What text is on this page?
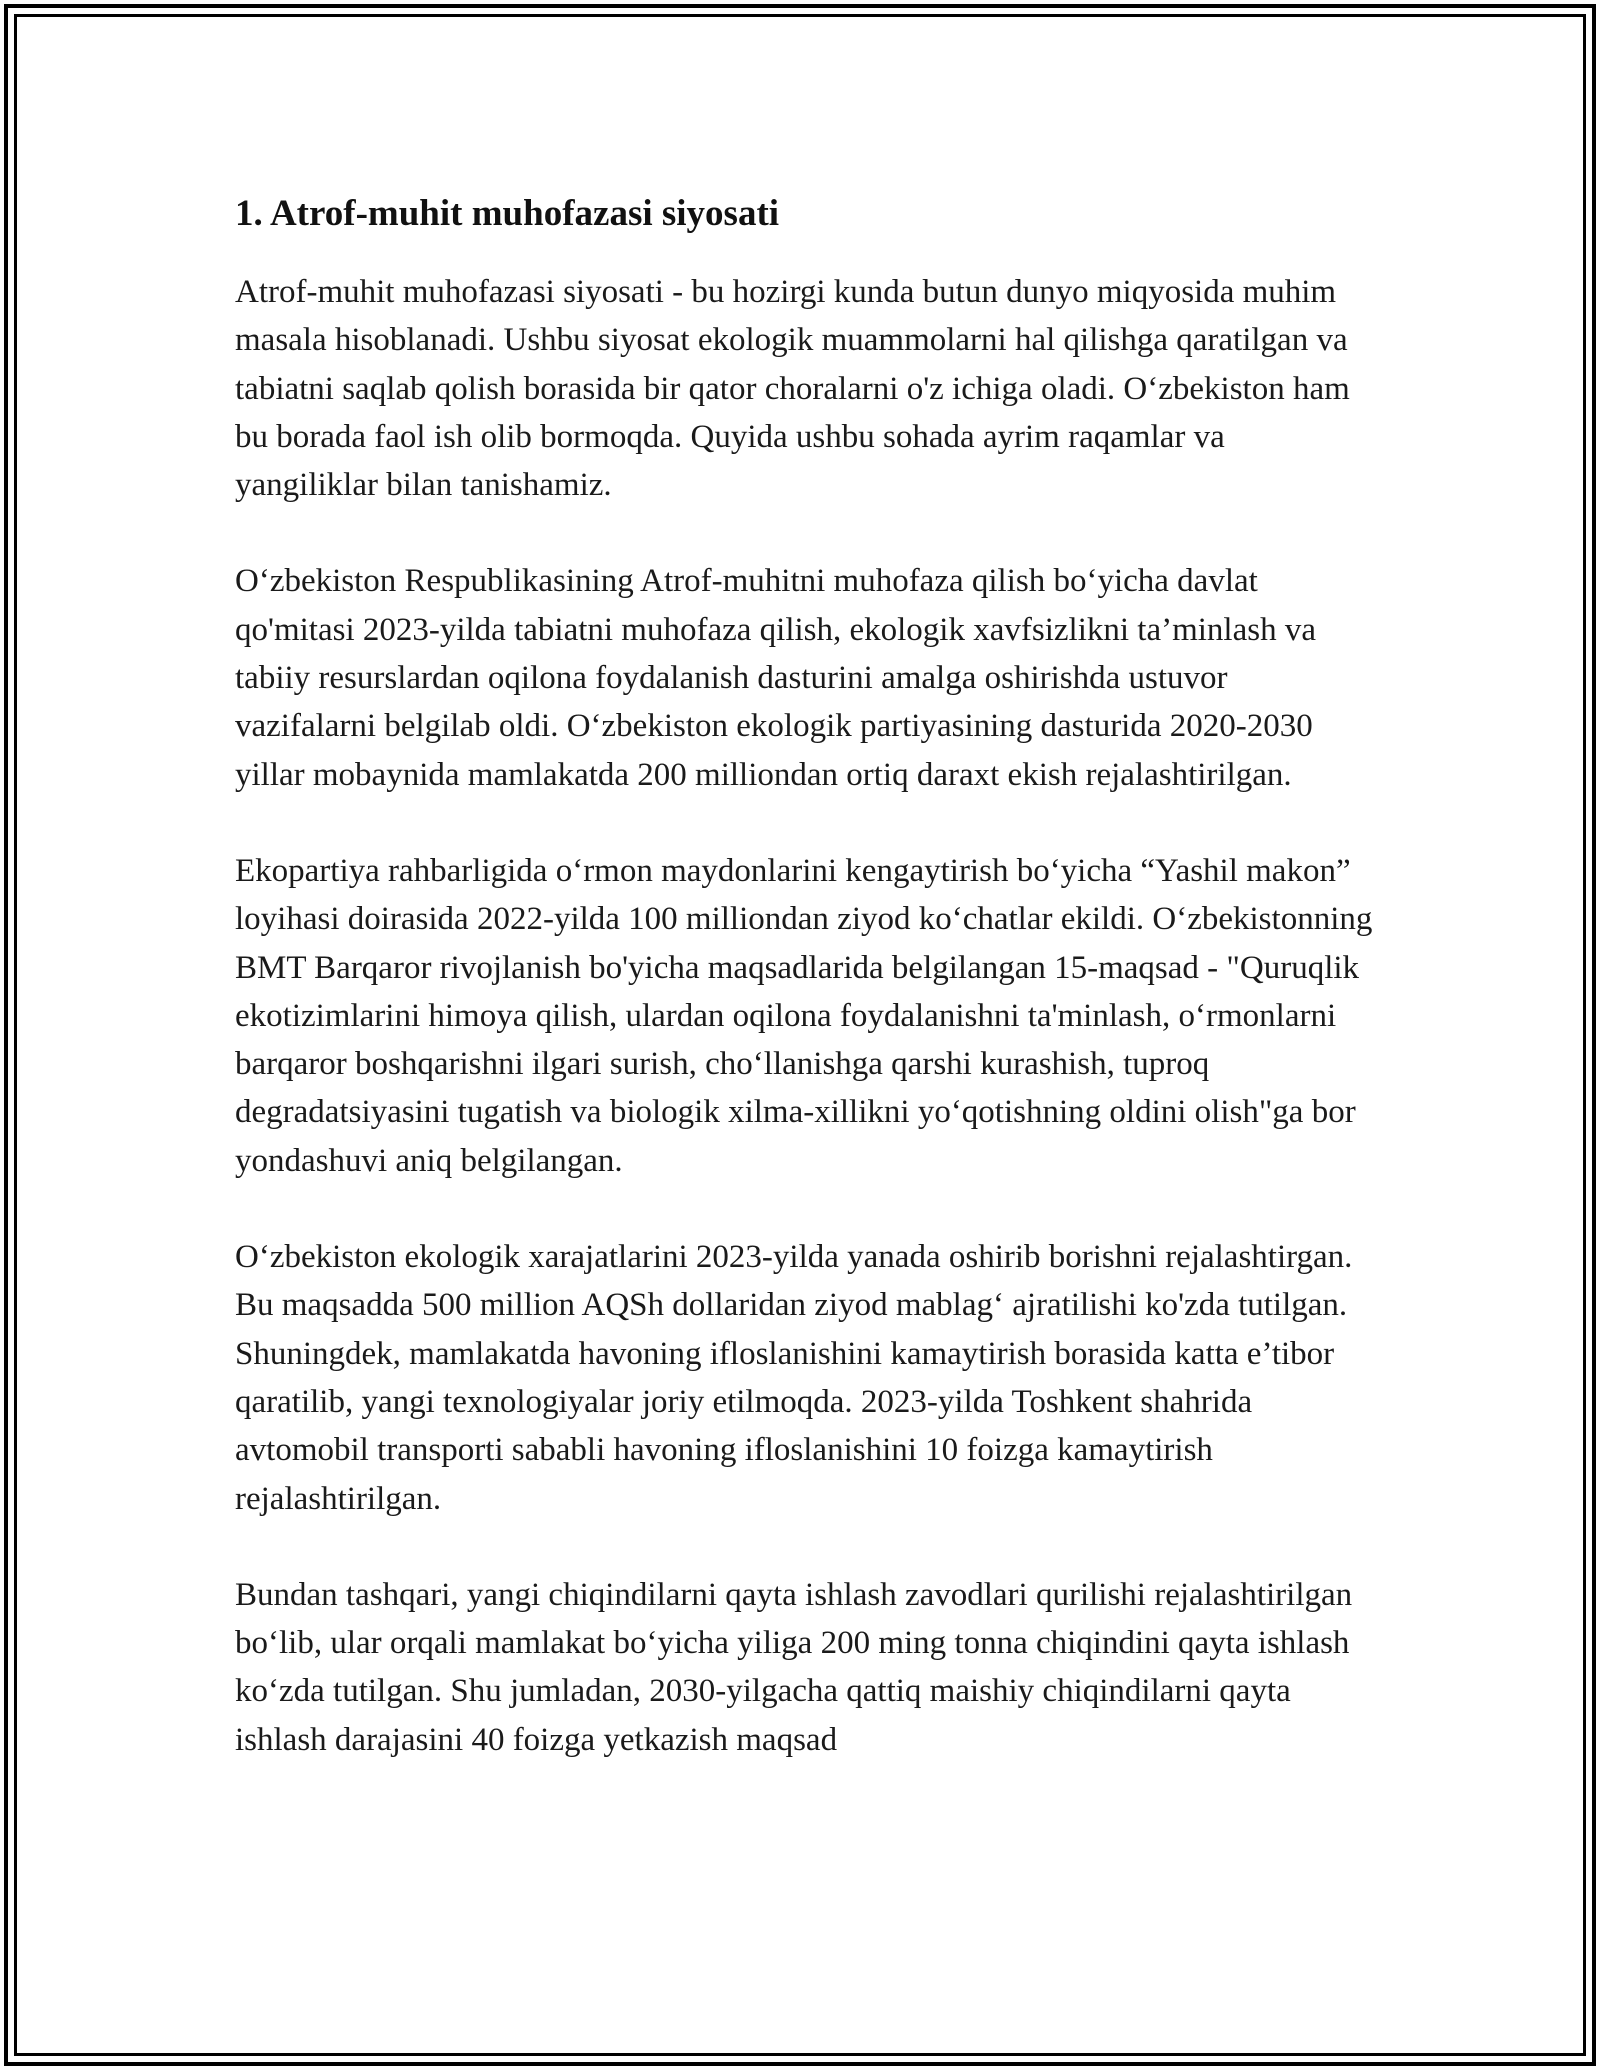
1. Atrof-muhit muhofazasi siyosati

Atrof-muhit muhofazasi siyosati - bu hozirgi kunda butun dunyo miqyosida muhim masala hisoblanadi. Ushbu siyosat ekologik muammolarni hal qilishga qaratilgan va tabiatni saqlab qolish borasida bir qator choralarni o'z ichiga oladi. O‘zbekiston ham bu borada faol ish olib bormoqda. Quyida ushbu sohada ayrim raqamlar va yangiliklar bilan tanishamiz.

O‘zbekiston Respublikasining Atrof-muhitni muhofaza qilish bo‘yicha davlat qo'mitasi 2023-yilda tabiatni muhofaza qilish, ekologik xavfsizlikni ta’minlash va tabiiy resurslardan oqilona foydalanish dasturini amalga oshirishda ustuvor vazifalarni belgilab oldi. O‘zbekiston ekologik partiyasining dasturida 2020-2030 yillar mobaynida mamlakatda 200 milliondan ortiq daraxt ekish rejalashtirilgan.

Ekopartiya rahbarligida o‘rmon maydonlarini kengaytirish bo‘yicha “Yashil makon” loyihasi doirasida 2022-yilda 100 milliondan ziyod ko‘chatlar ekildi. O‘zbekistonning BMT Barqaror rivojlanish bo'yicha maqsadlarida belgilangan 15-maqsad - "Quruqlik ekotizimlarini himoya qilish, ulardan oqilona foydalanishni ta'minlash, o‘rmonlarni barqaror boshqarishni ilgari surish, cho‘llanishga qarshi kurashish, tuproq degradatsiyasini tugatish va biologik xilma-xillikni yo‘qotishning oldini olish"ga bor yondashuvi aniq belgilangan.

O‘zbekiston ekologik xarajatlarini 2023-yilda yanada oshirib borishni rejalashtirgan. Bu maqsadda 500 million AQSh dollaridan ziyod mablag‘ ajratilishi ko'zda tutilgan. Shuningdek, mamlakatda havoning ifloslanishini kamaytirish borasida katta e’tibor qaratilib, yangi texnologiyalar joriy etilmoqda. 2023-yilda Toshkent shahrida avtomobil transporti sababli havoning ifloslanishini 10 foizga kamaytirish rejalashtirilgan.

Bundan tashqari, yangi chiqindilarni qayta ishlash zavodlari qurilishi rejalashtirilgan bo‘lib, ular orqali mamlakat bo‘yicha yiliga 200 ming tonna chiqindini qayta ishlash ko‘zda tutilgan. Shu jumladan, 2030-yilgacha qattiq maishiy chiqindilarni qayta ishlash darajasini 40 foizga yetkazish maqsad
